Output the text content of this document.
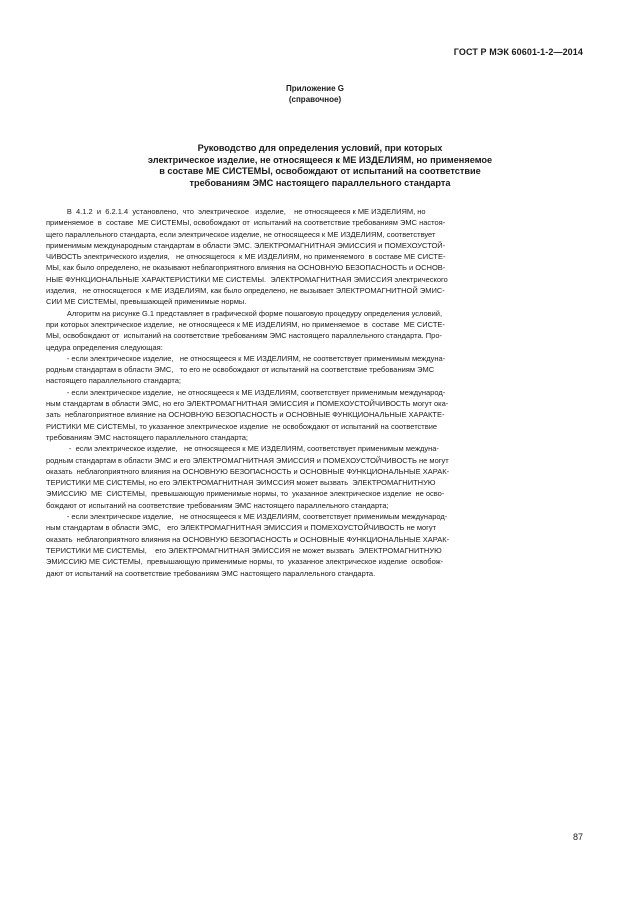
ГОСТ Р МЭК 60601-1-2—2014
Приложение G
(справочное)
Руководство для определения условий, при которых
электрическое изделие, не относящееся к МЕ ИЗДЕЛИЯМ, но применяемое
в составе МЕ СИСТЕМЫ, освобождают от испытаний на соответствие
требованиям ЭМС настоящего параллельного стандарта
В  4.1.2  и  6.2.1.4  установлено,  что  электрическое   изделие,    не относящееся к МЕ ИЗДЕЛИЯМ, но
применяемое  в  составе  МЕ СИСТЕМЫ, освобождают от  испытаний на соответствие требованиям ЭМС настоя-
щего параллельного стандарта, если электрическое изделие, не относящееся к МЕ ИЗДЕЛИЯМ, соответствует
применимым международным стандартам в области ЭМС. ЭЛЕКТРОМАГНИТНАЯ ЭМИССИЯ и ПОМЕХОУСТОЙ-
ЧИВОСТЬ электрического изделия,   не относящегося  к МЕ ИЗДЕЛИЯМ, но применяемого  в составе МЕ СИСТЕ-
МЫ, как было определено, не оказывают неблагоприятного влияния на ОСНОВНУЮ БЕЗОПАСНОСТЬ и ОСНОВ-
НЫЕ ФУНКЦИОНАЛЬНЫЕ ХАРАКТЕРИСТИКИ МЕ СИСТЕМЫ.  ЭЛЕКТРОМАГНИТНАЯ ЭМИССИЯ электрического
изделия,   не относящегося  к МЕ ИЗДЕЛИЯМ, как было определено, не вызывает ЭЛЕКТРОМАГНИТНОЙ ЭМИС-
СИИ МЕ СИСТЕМЫ, превышающей применимые нормы.
Алгоритм на рисунке G.1 представляет в графической форме пошаговую процедуру определения условий,
при которых электрическое изделие,  не относящееся к МЕ ИЗДЕЛИЯМ, но применяемое  в  составе  МЕ СИСТЕ-
МЫ, освобождают от  испытаний на соответствие требованиям ЭМС настоящего параллельного стандарта. Про-
цедура определения следующая:
- если электрическое изделие,   не относящееся к МЕ ИЗДЕЛИЯМ, не соответствует применимым междуна-
родным стандартам в области ЭМС,   то его не освобождают от испытаний на соответствие требованиям ЭМС
настоящего параллельного стандарта;
- если электрическое изделие,  не относящееся к МЕ ИЗДЕЛИЯМ, соответствует применимым международ-
ным стандартам в области ЭМС, но его ЭЛЕКТРОМАГНИТНАЯ ЭМИССИЯ и ПОМЕХОУСТОЙЧИВОСТЬ могут ока-
зать  неблагоприятное влияние на ОСНОВНУЮ БЕЗОПАСНОСТЬ и ОСНОВНЫЕ ФУНКЦИОНАЛЬНЫЕ ХАРАКТЕ-
РИСТИКИ МЕ СИСТЕМЫ, то указанное электрическое изделие  не освобождают от испытаний на соответствие
требованиям ЭМС настоящего параллельного стандарта;
-  если электрическое изделие,   не относящееся к МЕ ИЗДЕЛИЯМ, соответствует применимым междуна-
родным стандартам в области ЭМС и его ЭЛЕКТРОМАГНИТНАЯ ЭМИССИЯ и ПОМЕХОУСТОЙЧИВОСТЬ не могут
оказать  неблагоприятного влияния на ОСНОВНУЮ БЕЗОПАСНОСТЬ и ОСНОВНЫЕ ФУНКЦИОНАЛЬНЫЕ ХАРАК-
ТЕРИСТИКИ МЕ СИСТЕМЫ, но его ЭЛЕКТРОМАГНИТНАЯ ЭИМССИЯ может вызвать  ЭЛЕКТРОМАГНИТНУЮ
ЭМИССИЮ  МЕ  СИСТЕМЫ,  превышающую применимые нормы, то  указанное электрическое изделие  не осво-
бождают от испытаний на соответствие требованиям ЭМС настоящего параллельного стандарта;
- если электрическое изделие,   не относящееся к МЕ ИЗДЕЛИЯМ, соответствует применимым международ-
ным стандартам в области ЭМС,   его ЭЛЕКТРОМАГНИТНАЯ ЭМИССИЯ и ПОМЕХОУСТОЙЧИВОСТЬ не могут
оказать  неблагоприятного влияния на ОСНОВНУЮ БЕЗОПАСНОСТЬ и ОСНОВНЫЕ ФУНКЦИОНАЛЬНЫЕ ХАРАК-
ТЕРИСТИКИ МЕ СИСТЕМЫ,    его ЭЛЕКТРОМАГНИТНАЯ ЭМИССИЯ не может вызвать  ЭЛЕКТРОМАГНИТНУЮ
ЭМИССИЮ МЕ СИСТЕМЫ,  превышающую применимые нормы, то  указанное электрическое изделие  освобож-
дают от испытаний на соответствие требованиям ЭМС настоящего параллельного стандарта.
87
